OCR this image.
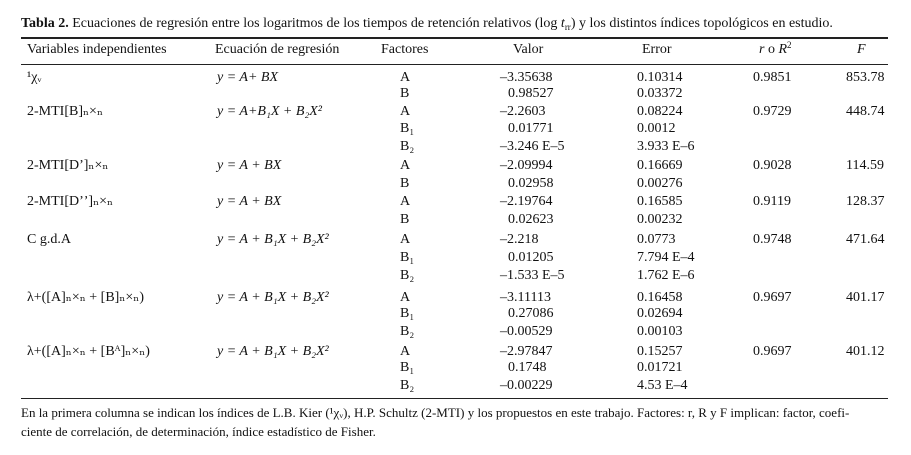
Tabla 2. Ecuaciones de regresión entre los logaritmos de los tiempos de retención relativos (log $t_{rr}$) y los distintos índices topológicos en estudio.
Variables independientes	Ecuación de regresión	Factores	Valor	Error	r o $R^2$	F
¹χᵥ	y = A+ BX	A	–3.35638	0.10314	0.9851	853.78
B	0.98527	0.03372
2-MTI[B]ₙ×ₙ	y = A+B₁X + B₂X²	A	–2.2603	0.08224	0.9729	448.74
B₁	0.01771	0.0012
B₂	–3.246 E–5	3.933 E–6
2-MTI[Dʼ]ₙ×ₙ	y = A + BX	A	–2.09994	0.16669	0.9028	114.59
B	0.02958	0.00276
2-MTI[Dʼʼ]ₙ×ₙ	y = A + BX	A	–2.19764	0.16585	0.9119	128.37
B	0.02623	0.00232
C g.d.A	y = A + B₁X + B₂X²	A	–2.218	0.0773	0.9748	471.64
B₁	0.01205	7.794 E–4
B₂	–1.533 E–5	1.762 E–6
λ+([A]ₙ×ₙ + [B]ₙ×ₙ)	y = A + B₁X + B₂X²	A	–3.11113	0.16458	0.9697	401.17
B₁	0.27086	0.02694
B₂	–0.00529	0.00103
λ+([A]ₙ×ₙ + [Bᴬ]ₙ×ₙ)	y = A + B₁X + B₂X²	A	–2.97847	0.15257	0.9697	401.12
B₁	0.1748	0.01721
B₂	–0.00229	4.53 E–4
En la primera columna se indican los índices de L.B. Kier (¹χᵥ), H.P. Schultz (2-MTI) y los propuestos en este trabajo. Factores: r, R y F implican: factor, coefi-
ciente de correlación, de determinación, índice estadístico de Fisher.
